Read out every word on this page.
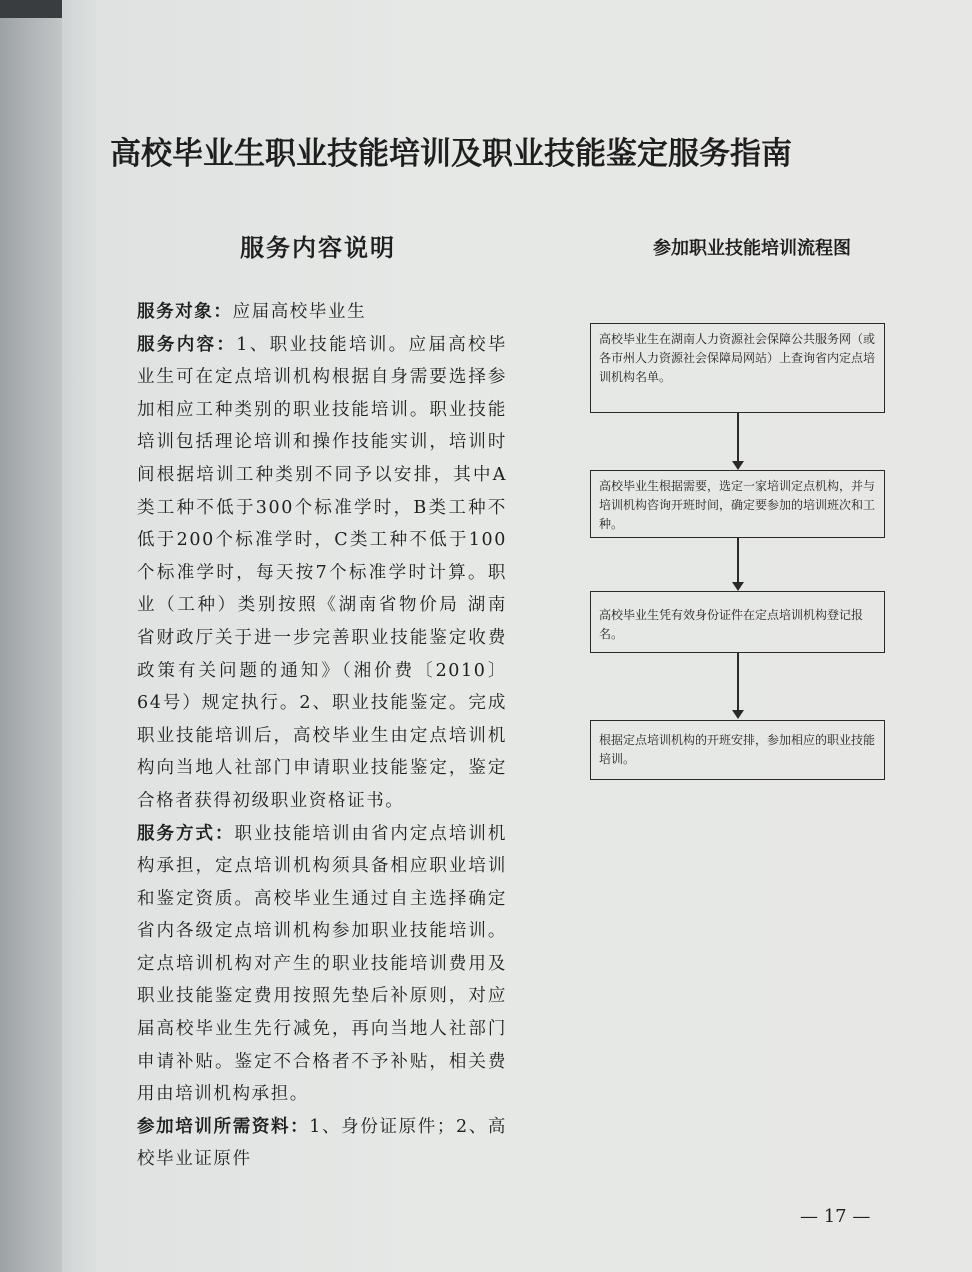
高校毕业生职业技能培训及职业技能鉴定服务指南
服务内容说明	参加职业技能培训流程图

服务对象：应届高校毕业生

服务内容：1、职业技能培训。应届高校毕业生可在定点培训机构根据自身需要选择参加相应工种类别的职业技能培训。职业技能培训包括理论培训和操作技能实训，培训时间根据培训工种类别不同予以安排，其中A类工种不低于300个标准学时，B类工种不低于200个标准学时，C类工种不低于100个标准学时，每天按7个标准学时计算。职业（工种）类别按照《湖南省物价局 湖南省财政厅关于进一步完善职业技能鉴定收费政策有关问题的通知》（湘价费〔2010〕64号）规定执行。2、职业技能鉴定。完成职业技能培训后，高校毕业生由定点培训机构向当地人社部门申请职业技能鉴定，鉴定合格者获得初级职业资格证书。

服务方式：职业技能培训由省内定点培训机构承担，定点培训机构须具备相应职业培训和鉴定资质。高校毕业生通过自主选择确定省内各级定点培训机构参加职业技能培训。定点培训机构对产生的职业技能培训费用及职业技能鉴定费用按照先垫后补原则，对应届高校毕业生先行减免，再向当地人社部门申请补贴。鉴定不合格者不予补贴，相关费用由培训机构承担。

参加培训所需资料：1、身份证原件；2、高校毕业证原件

高校毕业生在湖南人力资源社会保障公共服务网（或各市州人力资源社会保障局网站）上查询省内定点培训机构名单。
高校毕业生根据需要，选定一家培训定点机构，并与培训机构咨询开班时间，确定要参加的培训班次和工种。
高校毕业生凭有效身份证件在定点培训机构登记报名。
根据定点培训机构的开班安排，参加相应的职业技能培训。
— 17 —
